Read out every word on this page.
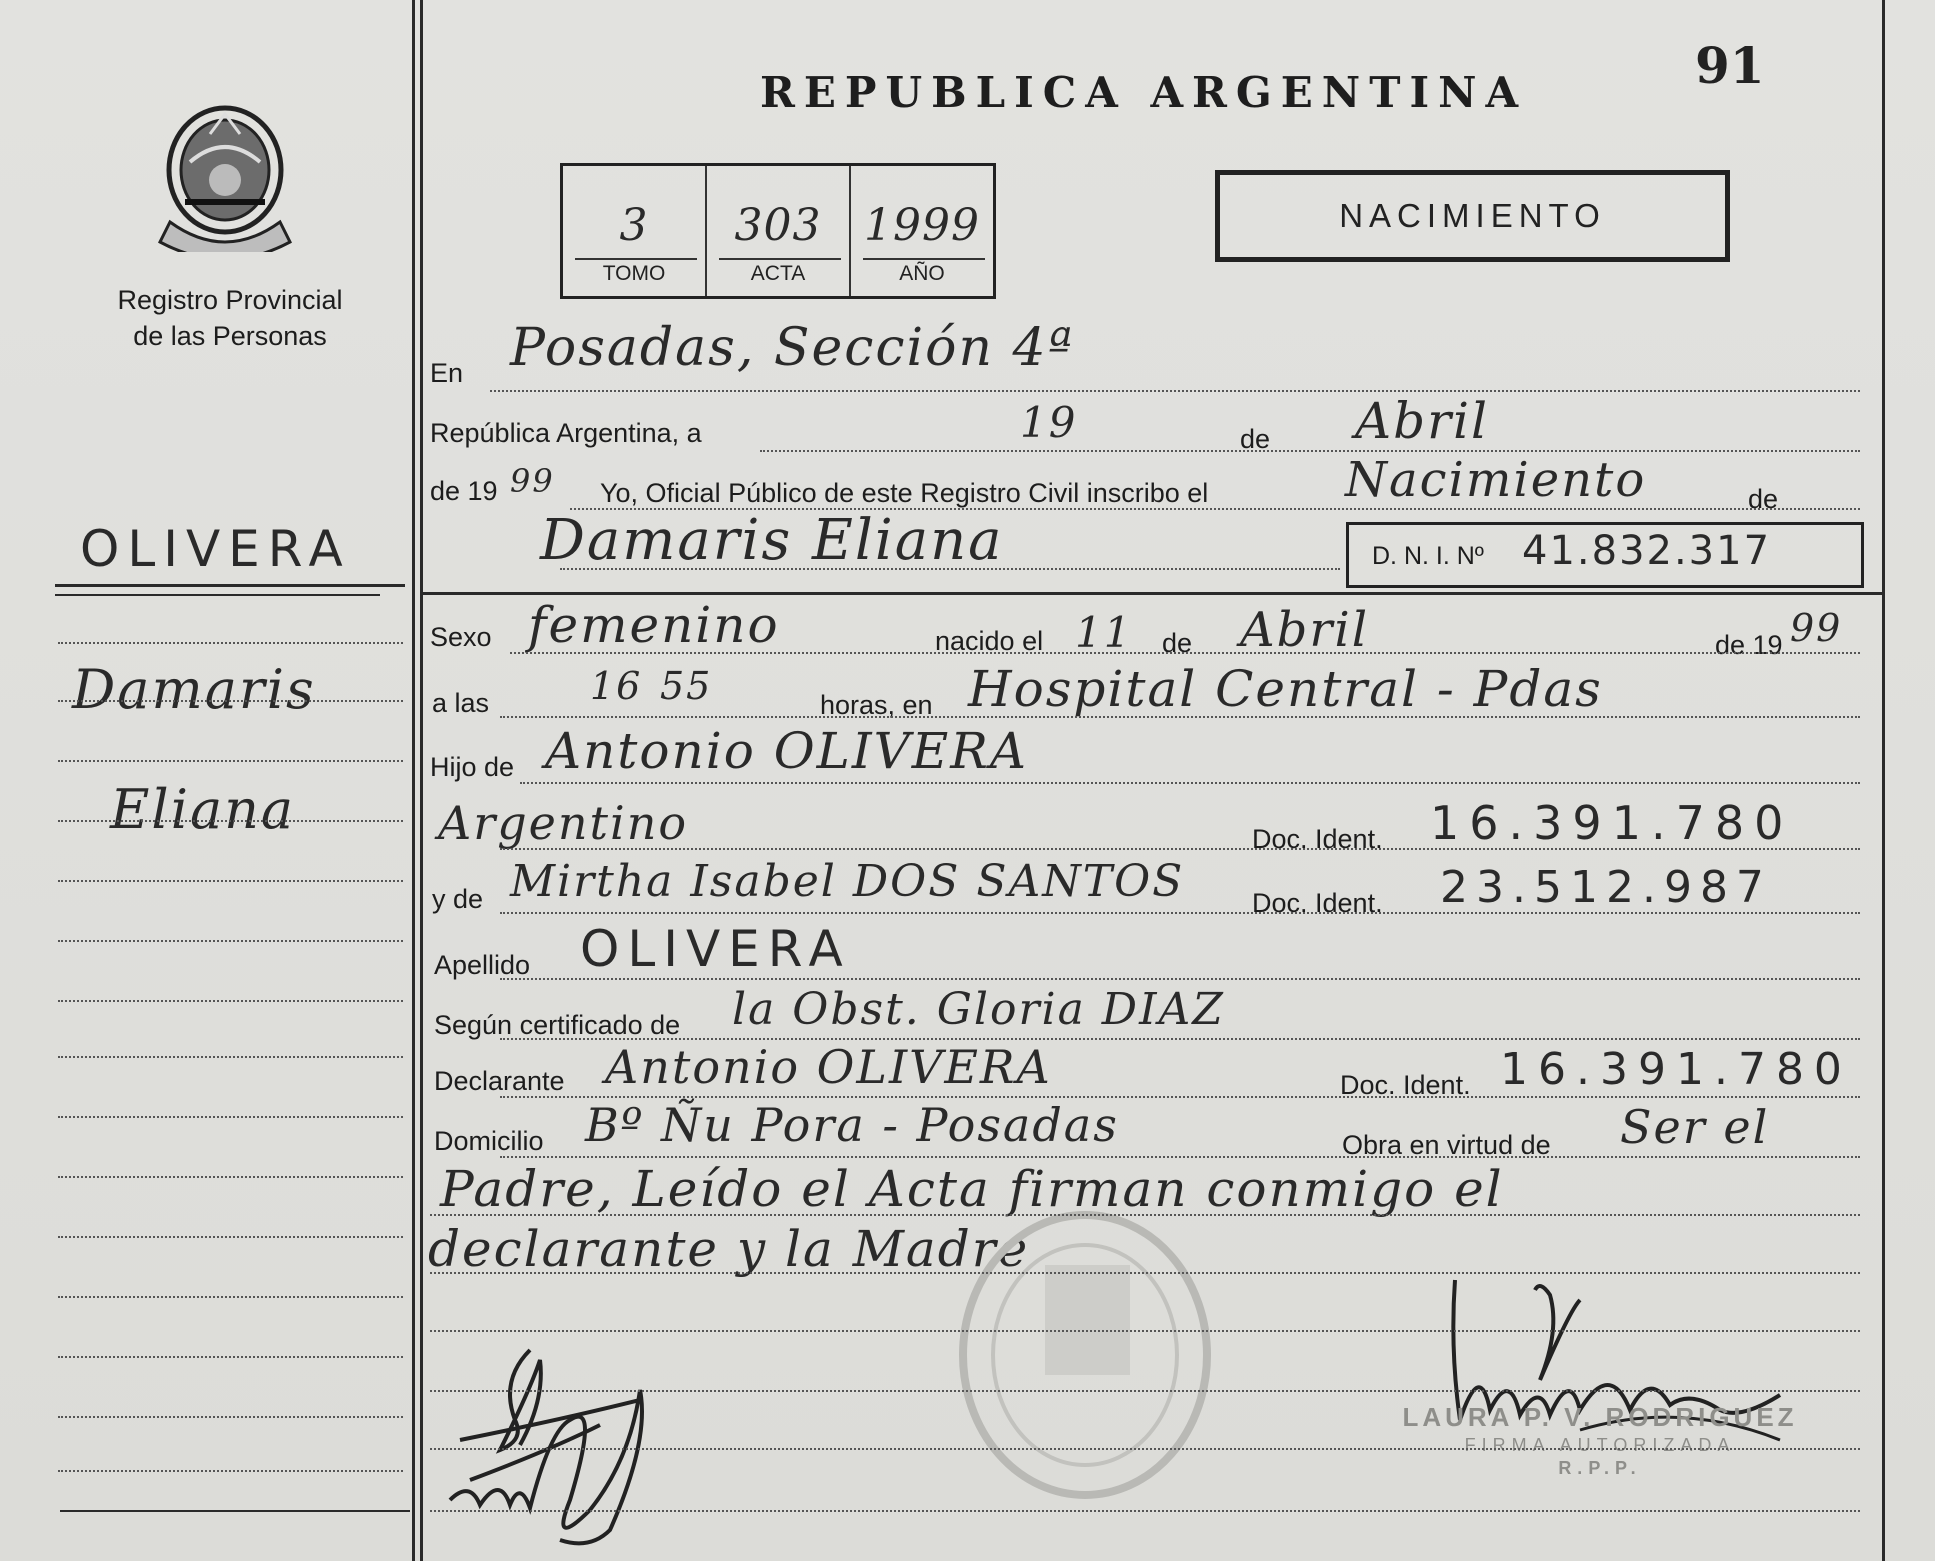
Registro Provincial
de las Personas
REPUBLICA ARGENTINA	91
3
TOMO
303
ACTA
1999
AÑO
NACIMIENTO
OLIVERA
Damaris
Eliana
En Posadas, Sección 4ª
República Argentina, a	19	de Abril
de 19 99 Yo, Oficial Público de este Registro Civil inscribo el	Nacimiento	de
Damaris Eliana	D. N. I. Nº 41.832.317
Sexo femenino	nacido el 11 de Abril	de 19 99
a las	16 55	horas, en Hospital Central - Pdas
Hijo de Antonio OLIVERA
Argentino	Doc. Ident. 16.391.780
y de Mirtha Isabel DOS SANTOS	Doc. Ident. 23.512.987
Apellido OLIVERA
Según certificado de la Obst. Gloria DIAZ
Declarante Antonio OLIVERA	Doc. Ident. 16.391.780
Domicilio Bº Ñu Pora - Posadas	Obra en virtud de Ser el
Padre, Leído el Acta firman conmigo el
declarante y la Madre
LAURA P. V. RODRIGUEZ
FIRMA AUTORIZADA
R.P.P.
